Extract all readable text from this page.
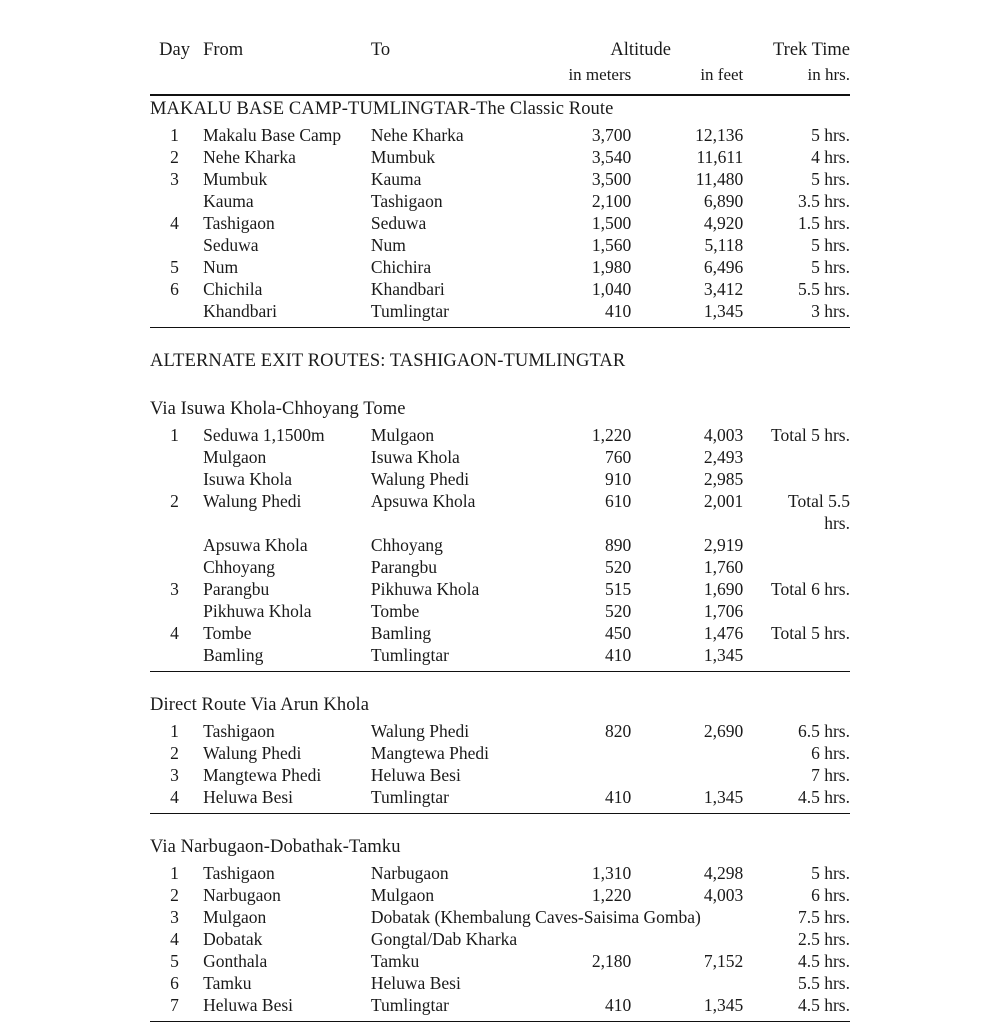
Day	From	To	Altitude		Trek Time
			in meters	in feet	in hrs.

MAKALU BASE CAMP-TUMLINGTAR-The Classic Route					
1	Makalu Base Camp	Nehe Kharka	3,700	12,136	5 hrs.
2	Nehe Kharka	Mumbuk	3,540	11,611	4 hrs.
3	Mumbuk	Kauma	3,500	11,480	5 hrs.
	Kauma	Tashigaon	2,100	6,890	3.5 hrs.
4	Tashigaon	Seduwa	1,500	4,920	1.5 hrs.
	Seduwa	Num	1,560	5,118	5 hrs.
5	Num	Chichira	1,980	6,496	5 hrs.
6	Chichila	Khandbari	1,040	3,412	5.5 hrs.
	Khandbari	Tumlingtar	410	1,345	3 hrs.

ALTERNATE EXIT ROUTES: TASHIGAON-TUMLINGTAR					

Via Isuwa Khola-Chhoyang Tome					
1	Seduwa 1,1500m	Mulgaon	1,220	4,003	Total 5 hrs.
	Mulgaon	Isuwa Khola	760	2,493	
	Isuwa Khola	Walung Phedi	910	2,985	
2	Walung Phedi	Apsuwa Khola	610	2,001	Total 5.5 hrs.
	Apsuwa Khola	Chhoyang	890	2,919	
	Chhoyang	Parangbu	520	1,760	
3	Parangbu	Pikhuwa Khola	515	1,690	Total 6 hrs.
	Pikhuwa Khola	Tombe	520	1,706	
4	Tombe	Bamling	450	1,476	Total 5 hrs.
	Bamling	Tumlingtar	410	1,345	

Direct Route Via Arun Khola					
1	Tashigaon	Walung Phedi	820	2,690	6.5 hrs.
2	Walung Phedi	Mangtewa Phedi			6 hrs.
3	Mangtewa Phedi	Heluwa Besi			7 hrs.
4	Heluwa Besi	Tumlingtar	410	1,345	4.5 hrs.

Via Narbugaon-Dobathak-Tamku					
1	Tashigaon	Narbugaon	1,310	4,298	5 hrs.
2	Narbugaon	Mulgaon	1,220	4,003	6 hrs.
3	Mulgaon	Dobatak (Khembalung Caves-Saisima Gomba)			7.5 hrs.
4	Dobatak	Gongtal/Dab Kharka			2.5 hrs.
5	Gonthala	Tamku	2,180	7,152	4.5 hrs.
6	Tamku	Heluwa Besi			5.5 hrs.
7	Heluwa Besi	Tumlingtar	410	1,345	4.5 hrs.
